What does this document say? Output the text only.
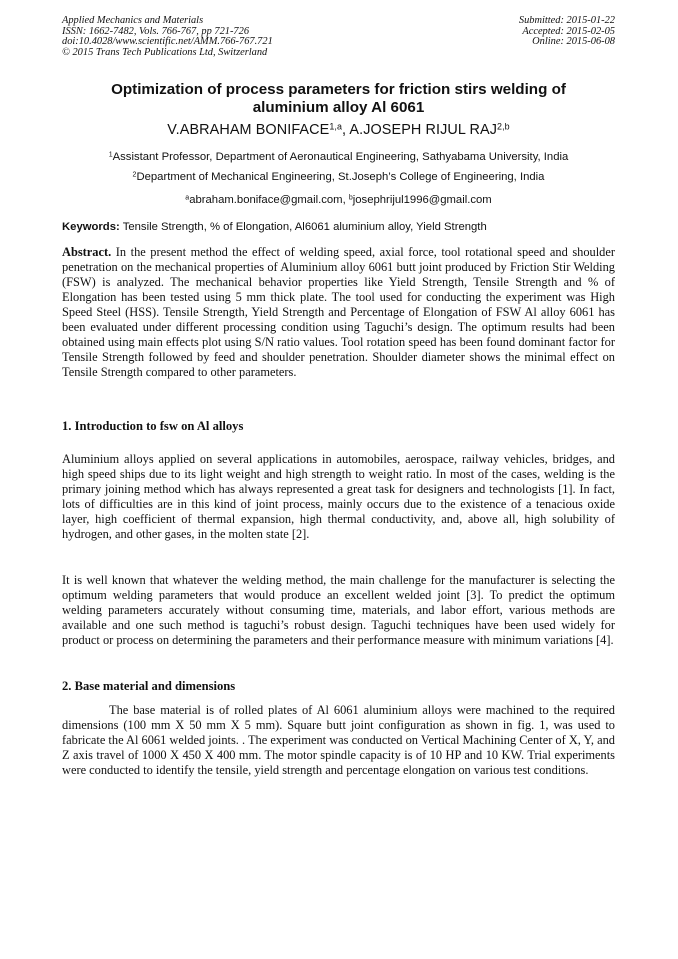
Applied Mechanics and Materials
ISSN: 1662-7482, Vols. 766-767, pp 721-726
doi:10.4028/www.scientific.net/AMM.766-767.721
© 2015 Trans Tech Publications Ltd, Switzerland
Submitted: 2015-01-22
Accepted: 2015-02-05
Online: 2015-06-08
Optimization of process parameters for friction stirs welding of
aluminium alloy Al 6061
V.ABRAHAM BONIFACE$^{1,a}$, A.JOSEPH RIJUL RAJ$^{2,b}$
$^1$Assistant Professor, Department of Aeronautical Engineering, Sathyabama University, India
$^2$Department of Mechanical Engineering, St.Joseph’s College of Engineering, India
$^a$abraham.boniface@gmail.com, $^b$josephrijul1996@gmail.com
Keywords: Tensile Strength, % of Elongation, Al6061 aluminium alloy, Yield Strength
Abstract. In the present method the effect of welding speed, axial force, tool rotational speed and shoulder penetration on the mechanical properties of Aluminium alloy 6061 butt joint produced by Friction Stir Welding (FSW) is analyzed. The mechanical behavior properties like Yield Strength, Tensile Strength and % of Elongation has been tested using 5 mm thick plate. The tool used for conducting the experiment was High Speed Steel (HSS). Tensile Strength, Yield Strength and Percentage of Elongation of FSW Al alloy 6061 has been evaluated under different processing condition using Taguchi’s design. The optimum results had been obtained using main effects plot using S/N ratio values. Tool rotation speed has been found dominant factor for Tensile Strength followed by feed and shoulder penetration. Shoulder diameter shows the minimal effect on Tensile Strength compared to other parameters.
1. Introduction to fsw on Al alloys
Aluminium alloys applied on several applications in automobiles, aerospace, railway vehicles, bridges, and high speed ships due to its light weight and high strength to weight ratio. In most of the cases, welding is the primary joining method which has always represented a great task for designers and technologists [1]. In fact, lots of difficulties are in this kind of joint process, mainly occurs due to the existence of a tenacious oxide layer, high coefficient of thermal expansion, high thermal conductivity, and, above all, high solubility of hydrogen, and other gases, in the molten state [2].
It is well known that whatever the welding method, the main challenge for the manufacturer is selecting the optimum welding parameters that would produce an excellent welded joint [3]. To predict the optimum welding parameters accurately without consuming time, materials, and labor effort, various methods are available and one such method is taguchi’s robust design. Taguchi techniques have been used widely for product or process on determining the parameters and their performance measure with minimum variations [4].
2. Base material and dimensions
The base material is of rolled plates of Al 6061 aluminium alloys were machined to the required dimensions (100 mm X 50 mm X 5 mm). Square butt joint configuration as shown in fig. 1, was used to fabricate the Al 6061 welded joints. . The experiment was conducted on Vertical Machining Center of X, Y, and Z axis travel of 1000 X 450 X 400 mm. The motor spindle capacity is of 10 HP and 10 KW. Trial experiments were conducted to identify the tensile, yield strength and percentage elongation on various test conditions.
